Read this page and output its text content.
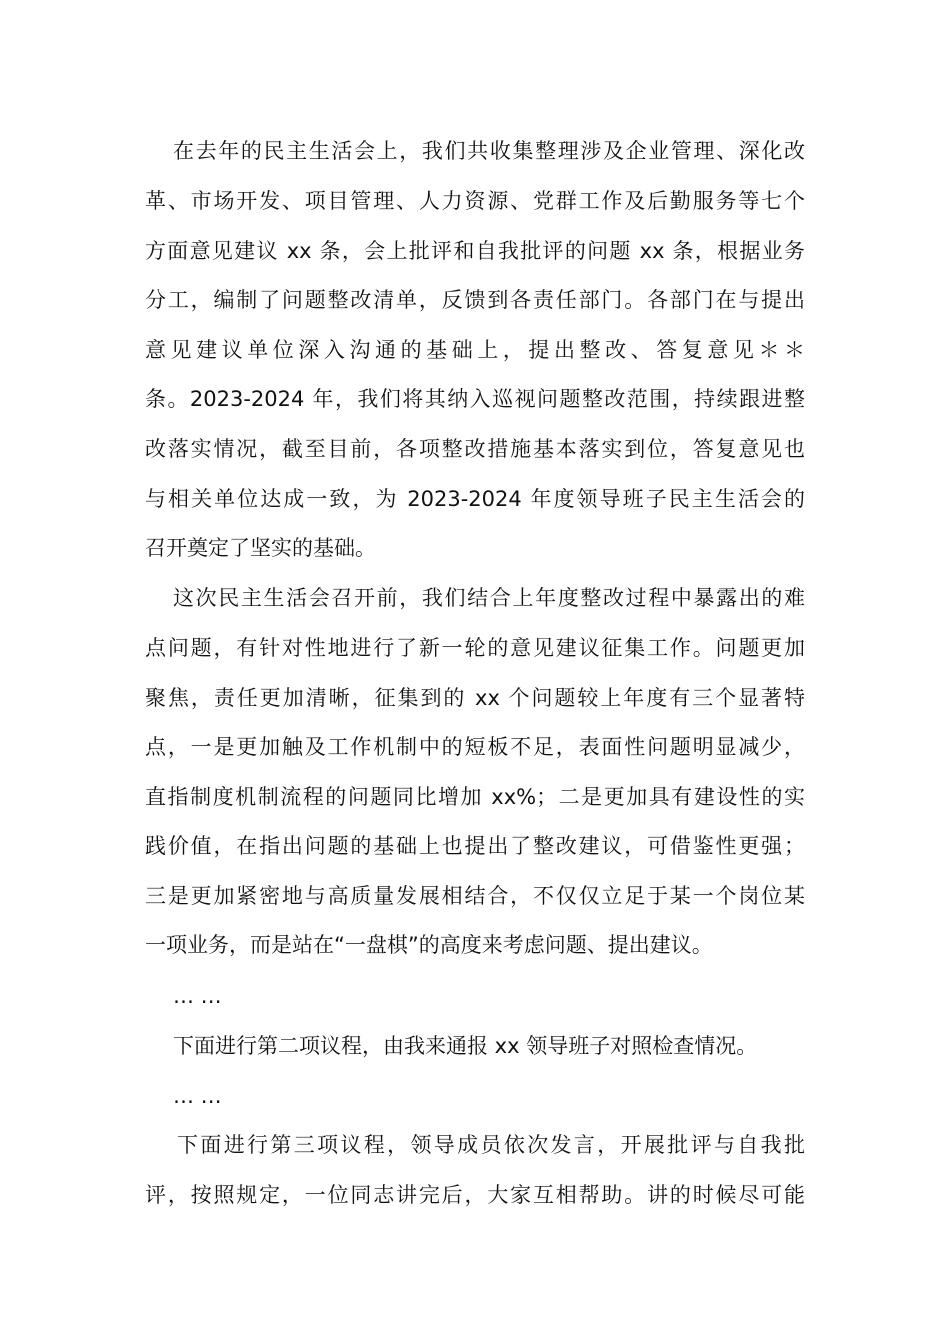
在去年的民主生活会上，我们共收集整理涉及企业管理、深化改
革、市场开发、项目管理、人力资源、党群工作及后勤服务等七个
方面意见建议 xx 条，会上批评和自我批评的问题 xx 条，根据业务
分工，编制了问题整改清单，反馈到各责任部门。各部门在与提出
意见建议单位深入沟通的基础上，提出整改、答复意见＊＊
条。2023-2024 年，我们将其纳入巡视问题整改范围，持续跟进整
改落实情况，截至目前，各项整改措施基本落实到位，答复意见也
与相关单位达成一致，为 2023-2024 年度领导班子民主生活会的
召开奠定了坚实的基础。
这次民主生活会召开前，我们结合上年度整改过程中暴露出的难
点问题，有针对性地进行了新一轮的意见建议征集工作。问题更加
聚焦，责任更加清晰，征集到的 xx 个问题较上年度有三个显著特
点，一是更加触及工作机制中的短板不足，表面性问题明显减少，
直指制度机制流程的问题同比增加 xx%；二是更加具有建设性的实
践价值，在指出问题的基础上也提出了整改建议，可借鉴性更强；
三是更加紧密地与高质量发展相结合，不仅仅立足于某一个岗位某
一项业务，而是站在“一盘棋”的高度来考虑问题、提出建议。
… …
下面进行第二项议程，由我来通报 xx 领导班子对照检查情况。
… …
下面进行第三项议程，领导成员依次发言，开展批评与自我批
评，按照规定，一位同志讲完后，大家互相帮助。讲的时候尽可能
